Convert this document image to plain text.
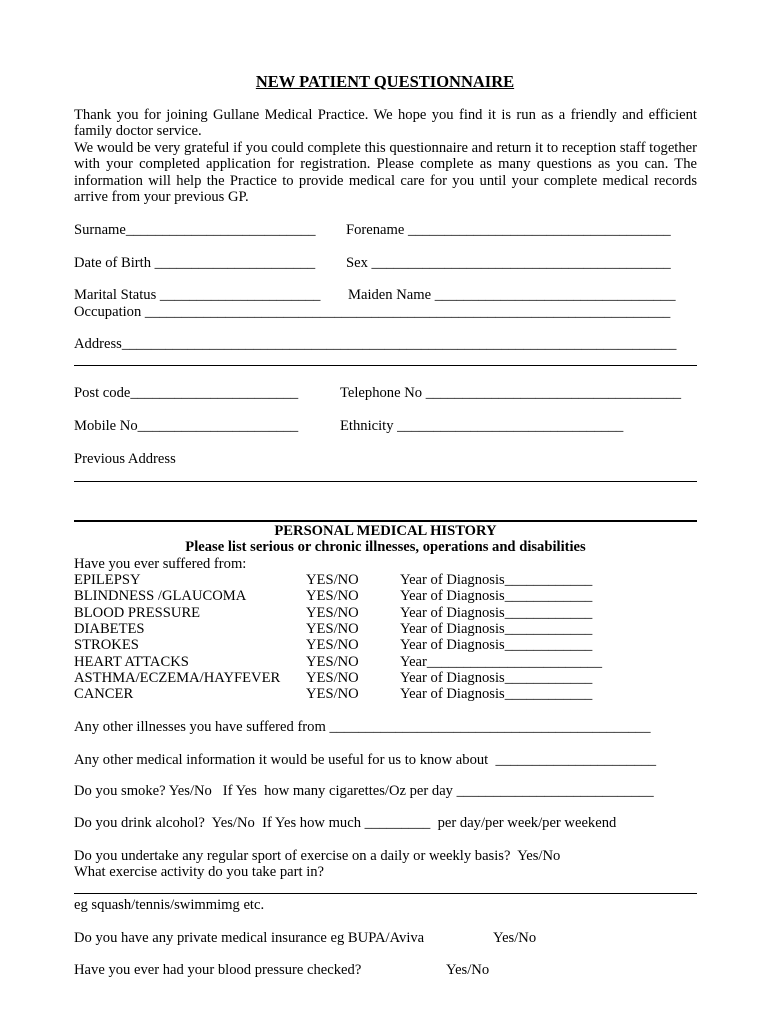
NEW PATIENT QUESTIONNAIRE

Thank you for joining Gullane Medical Practice. We hope you find it is run as a friendly and efficient family doctor service.

We would be very grateful if you could complete this questionnaire and return it to reception staff together with your completed application for registration. Please complete as many questions as you can. The information will help the Practice to provide medical care for you until your complete medical records arrive from your previous GP.

Surname__________________________ Forename ____________________________________
Date of Birth ______________________ Sex _________________________________________
Marital Status ______________________ Maiden Name _________________________________
Occupation ________________________________________________________________________
Address____________________________________________________________________________
Post code_______________________	Telephone No ___________________________________
Mobile No______________________	Ethnicity _______________________________
Previous Address
PERSONAL MEDICAL HISTORY
Please list serious or chronic illnesses, operations and disabilities
Have you ever suffered from:
EPILEPSY	YES/NO	Year of Diagnosis____________
BLINDNESS /GLAUCOMA	YES/NO	Year of Diagnosis____________
BLOOD PRESSURE	YES/NO	Year of Diagnosis____________
DIABETES	YES/NO	Year of Diagnosis____________
STROKES	YES/NO	Year of Diagnosis____________
HEART ATTACKS	YES/NO	Year________________________
ASTHMA/ECZEMA/HAYFEVER YES/NO	Year of Diagnosis____________
CANCER	YES/NO	Year of Diagnosis____________
Any other illnesses you have suffered from ____________________________________________
Any other medical information it would be useful for us to know about  ______________________
Do you smoke? Yes/No   If Yes  how many cigarettes/Oz per day ___________________________
Do you drink alcohol?  Yes/No  If Yes how much _________  per day/per week/per weekend
Do you undertake any regular sport of exercise on a daily or weekly basis?  Yes/No
What exercise activity do you take part in?
eg squash/tennis/swimmimg etc.
Do you have any private medical insurance eg BUPA/Aviva	Yes/No
Have you ever had your blood pressure checked?	Yes/No
